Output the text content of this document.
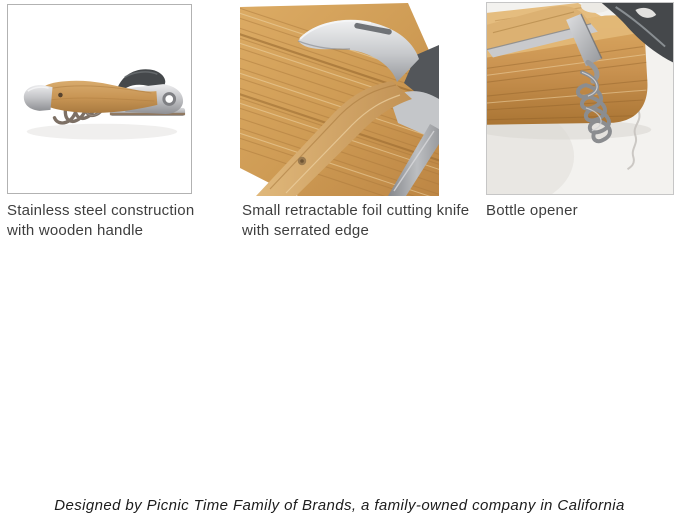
Stainless steel construction
with wooden handle
Small retractable foil cutting knife
with serrated edge
Bottle opener
Designed by Picnic Time Family of Brands, a family-owned company in California
